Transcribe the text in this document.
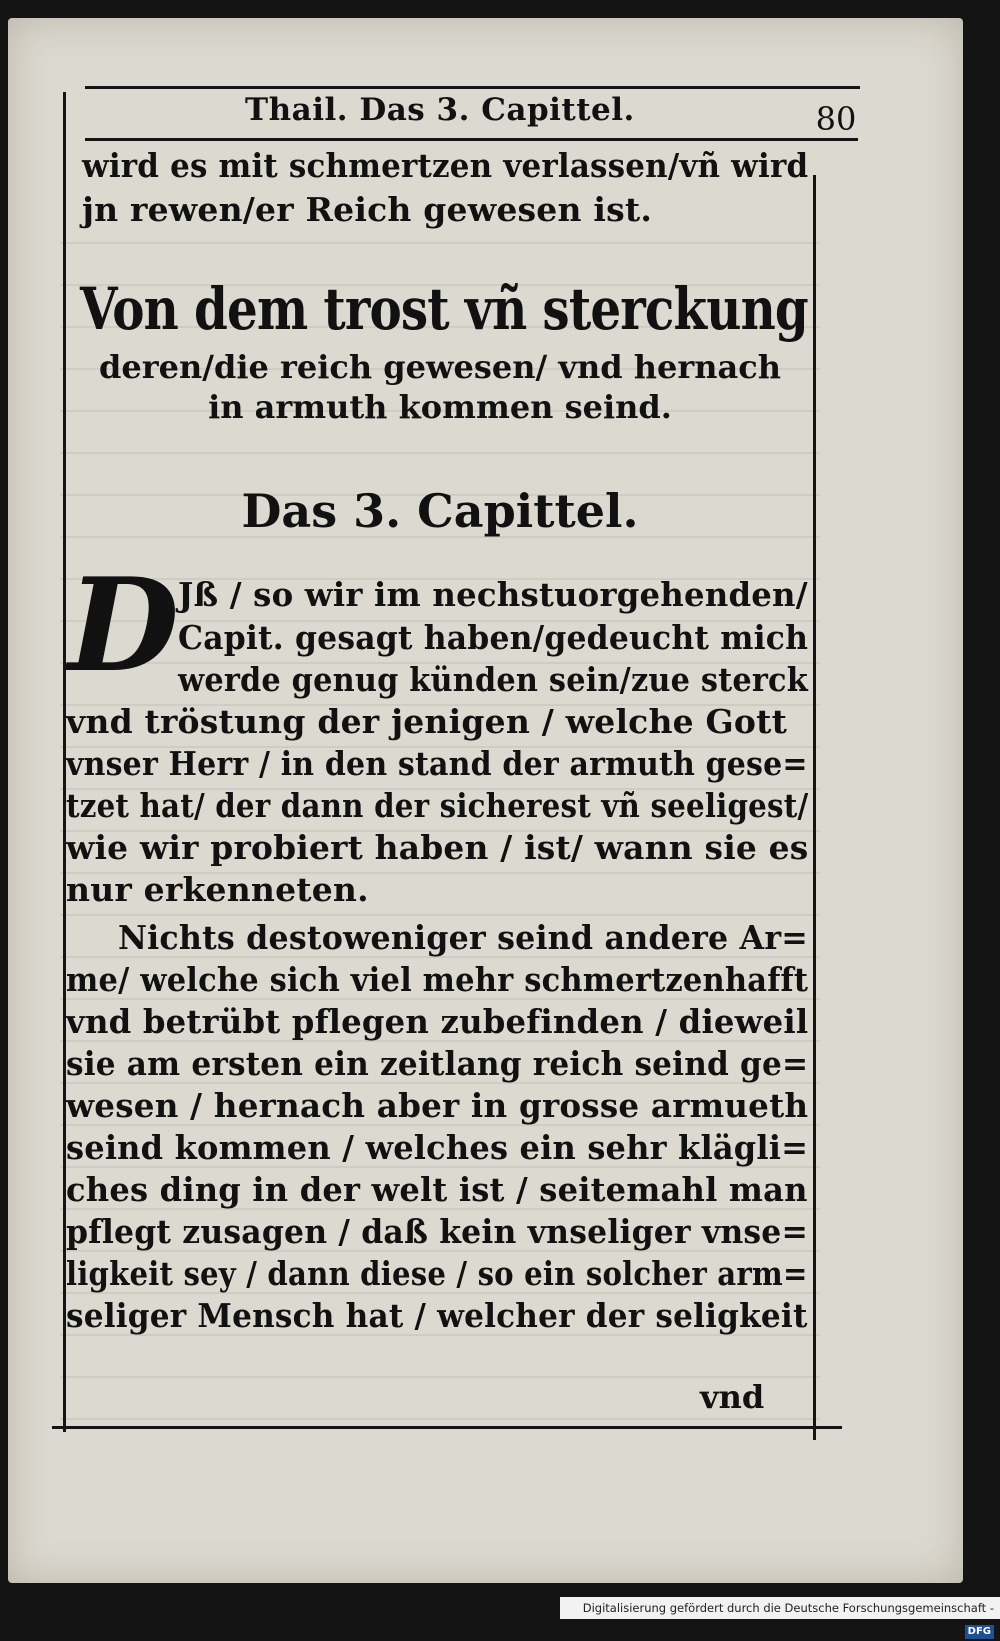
Thail. Das 3. Capittel.	80
wird es mit schmertzen verlassen/vñ wird
jn rewen/er Reich gewesen ist.
Von dem trost vñ sterckung
deren/die reich gewesen/ vnd hernach
in armuth kommen seind.
Das 3. Capittel.
D Jß / so wir im nechstuorgehenden/
Capit. gesagt haben/gedeucht mich
werde genug künden sein/zue sterck
vnd tröstung der jenigen / welche Gott
vnser Herr / in den stand der armuth gese=
tzet hat/ der dann der sicherest vñ seeligest/
wie wir probiert haben / ist/ wann sie es
nur erkenneten.
Nichts destoweniger seind andere Ar=
me/ welche sich viel mehr schmertzenhafft
vnd betrübt pflegen zubefinden / dieweil
sie am ersten ein zeitlang reich seind ge=
wesen / hernach aber in grosse armueth
seind kommen / welches ein sehr klägli=
ches ding in der welt ist / seitemahl man
pflegt zusagen / daß kein vnseliger vnse=
ligkeit sey / dann diese / so ein solcher arm=
seliger Mensch hat / welcher der seligkeit
vnd
Digitalisierung gefördert durch die Deutsche Forschungsgemeinschaft -DFG
